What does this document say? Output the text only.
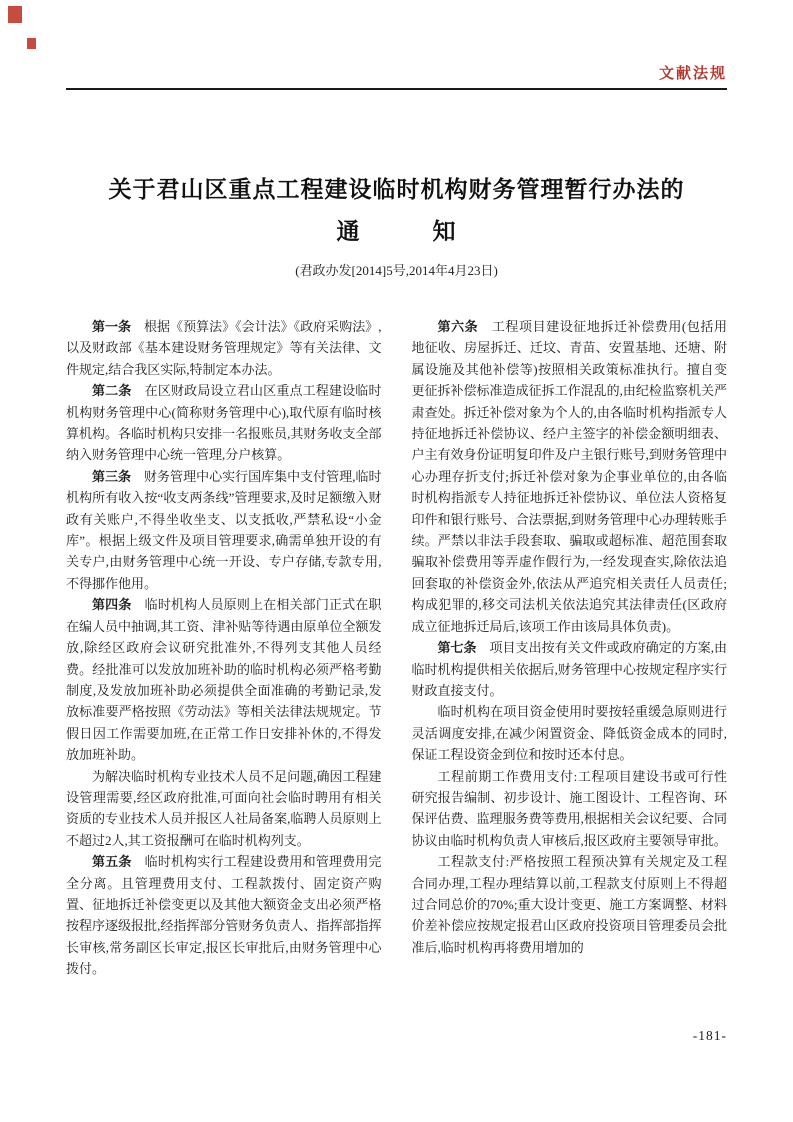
文献法规
关于君山区重点工程建设临时机构财务管理暂行办法的
通　　　知
(君政办发[2014]5号,2014年4月23日)

第一条　根据《预算法》《会计法》《政府采购法》,以及财政部《基本建设财务管理规定》等有关法律、文件规定,结合我区实际,特制定本办法。

第二条　在区财政局设立君山区重点工程建设临时机构财务管理中心(简称财务管理中心),取代原有临时核算机构。各临时机构只安排一名报账员,其财务收支全部纳入财务管理中心统一管理,分户核算。

第三条　财务管理中心实行国库集中支付管理,临时机构所有收入按“收支两条线”管理要求,及时足额缴入财政有关账户,不得坐收坐支、以支抵收,严禁私设“小金库”。根据上级文件及项目管理要求,确需单独开设的有关专户,由财务管理中心统一开设、专户存储,专款专用,不得挪作他用。

第四条　临时机构人员原则上在相关部门正式在职在编人员中抽调,其工资、津补贴等待遇由原单位全额发放,除经区政府会议研究批准外,不得列支其他人员经费。经批准可以发放加班补助的临时机构必须严格考勤制度,及发放加班补助必须提供全面准确的考勤记录,发放标准要严格按照《劳动法》等相关法律法规规定。节假日因工作需要加班,在正常工作日安排补休的,不得发放加班补助。

为解决临时机构专业技术人员不足问题,确因工程建设管理需要,经区政府批准,可面向社会临时聘用有相关资质的专业技术人员并报区人社局备案,临聘人员原则上不超过2人,其工资报酬可在临时机构列支。

第五条　临时机构实行工程建设费用和管理费用完全分离。且管理费用支付、工程款拨付、固定资产购置、征地拆迁补偿变更以及其他大额资金支出必须严格按程序逐级报批,经指挥部分管财务负责人、指挥部指挥长审核,常务副区长审定,报区长审批后,由财务管理中心拨付。

第六条　工程项目建设征地拆迁补偿费用(包括用地征收、房屋拆迁、迁坟、青苗、安置基地、还塘、附属设施及其他补偿等)按照相关政策标准执行。擅自变更征拆补偿标准造成征拆工作混乱的,由纪检监察机关严肃查处。拆迁补偿对象为个人的,由各临时机构指派专人持征地拆迁补偿协议、经户主签字的补偿金额明细表、户主有效身份证明复印件及户主银行账号,到财务管理中心办理存折支付;拆迁补偿对象为企事业单位的,由各临时机构指派专人持征地拆迁补偿协议、单位法人资格复印件和银行账号、合法票据,到财务管理中心办理转账手续。严禁以非法手段套取、骗取或超标准、超范围套取骗取补偿费用等弄虚作假行为,一经发现查实,除依法追回套取的补偿资金外,依法从严追究相关责任人员责任;构成犯罪的,移交司法机关依法追究其法律责任(区政府成立征地拆迁局后,该项工作由该局具体负责)。

第七条　项目支出按有关文件或政府确定的方案,由临时机构提供相关依据后,财务管理中心按规定程序实行财政直接支付。

临时机构在项目资金使用时要按轻重缓急原则进行灵活调度安排,在减少闲置资金、降低资金成本的同时,保证工程设资金到位和按时还本付息。

工程前期工作费用支付:工程项目建设书或可行性研究报告编制、初步设计、施工图设计、工程咨询、环保评估费、监理服务费等费用,根据相关会议纪要、合同协议由临时机构负责人审核后,报区政府主要领导审批。

工程款支付:严格按照工程预决算有关规定及工程合同办理,工程办理结算以前,工程款支付原则上不得超过合同总价的70%;重大设计变更、施工方案调整、材料价差补偿应按规定报君山区政府投资项目管理委员会批准后,临时机构再将费用增加的

-181-
